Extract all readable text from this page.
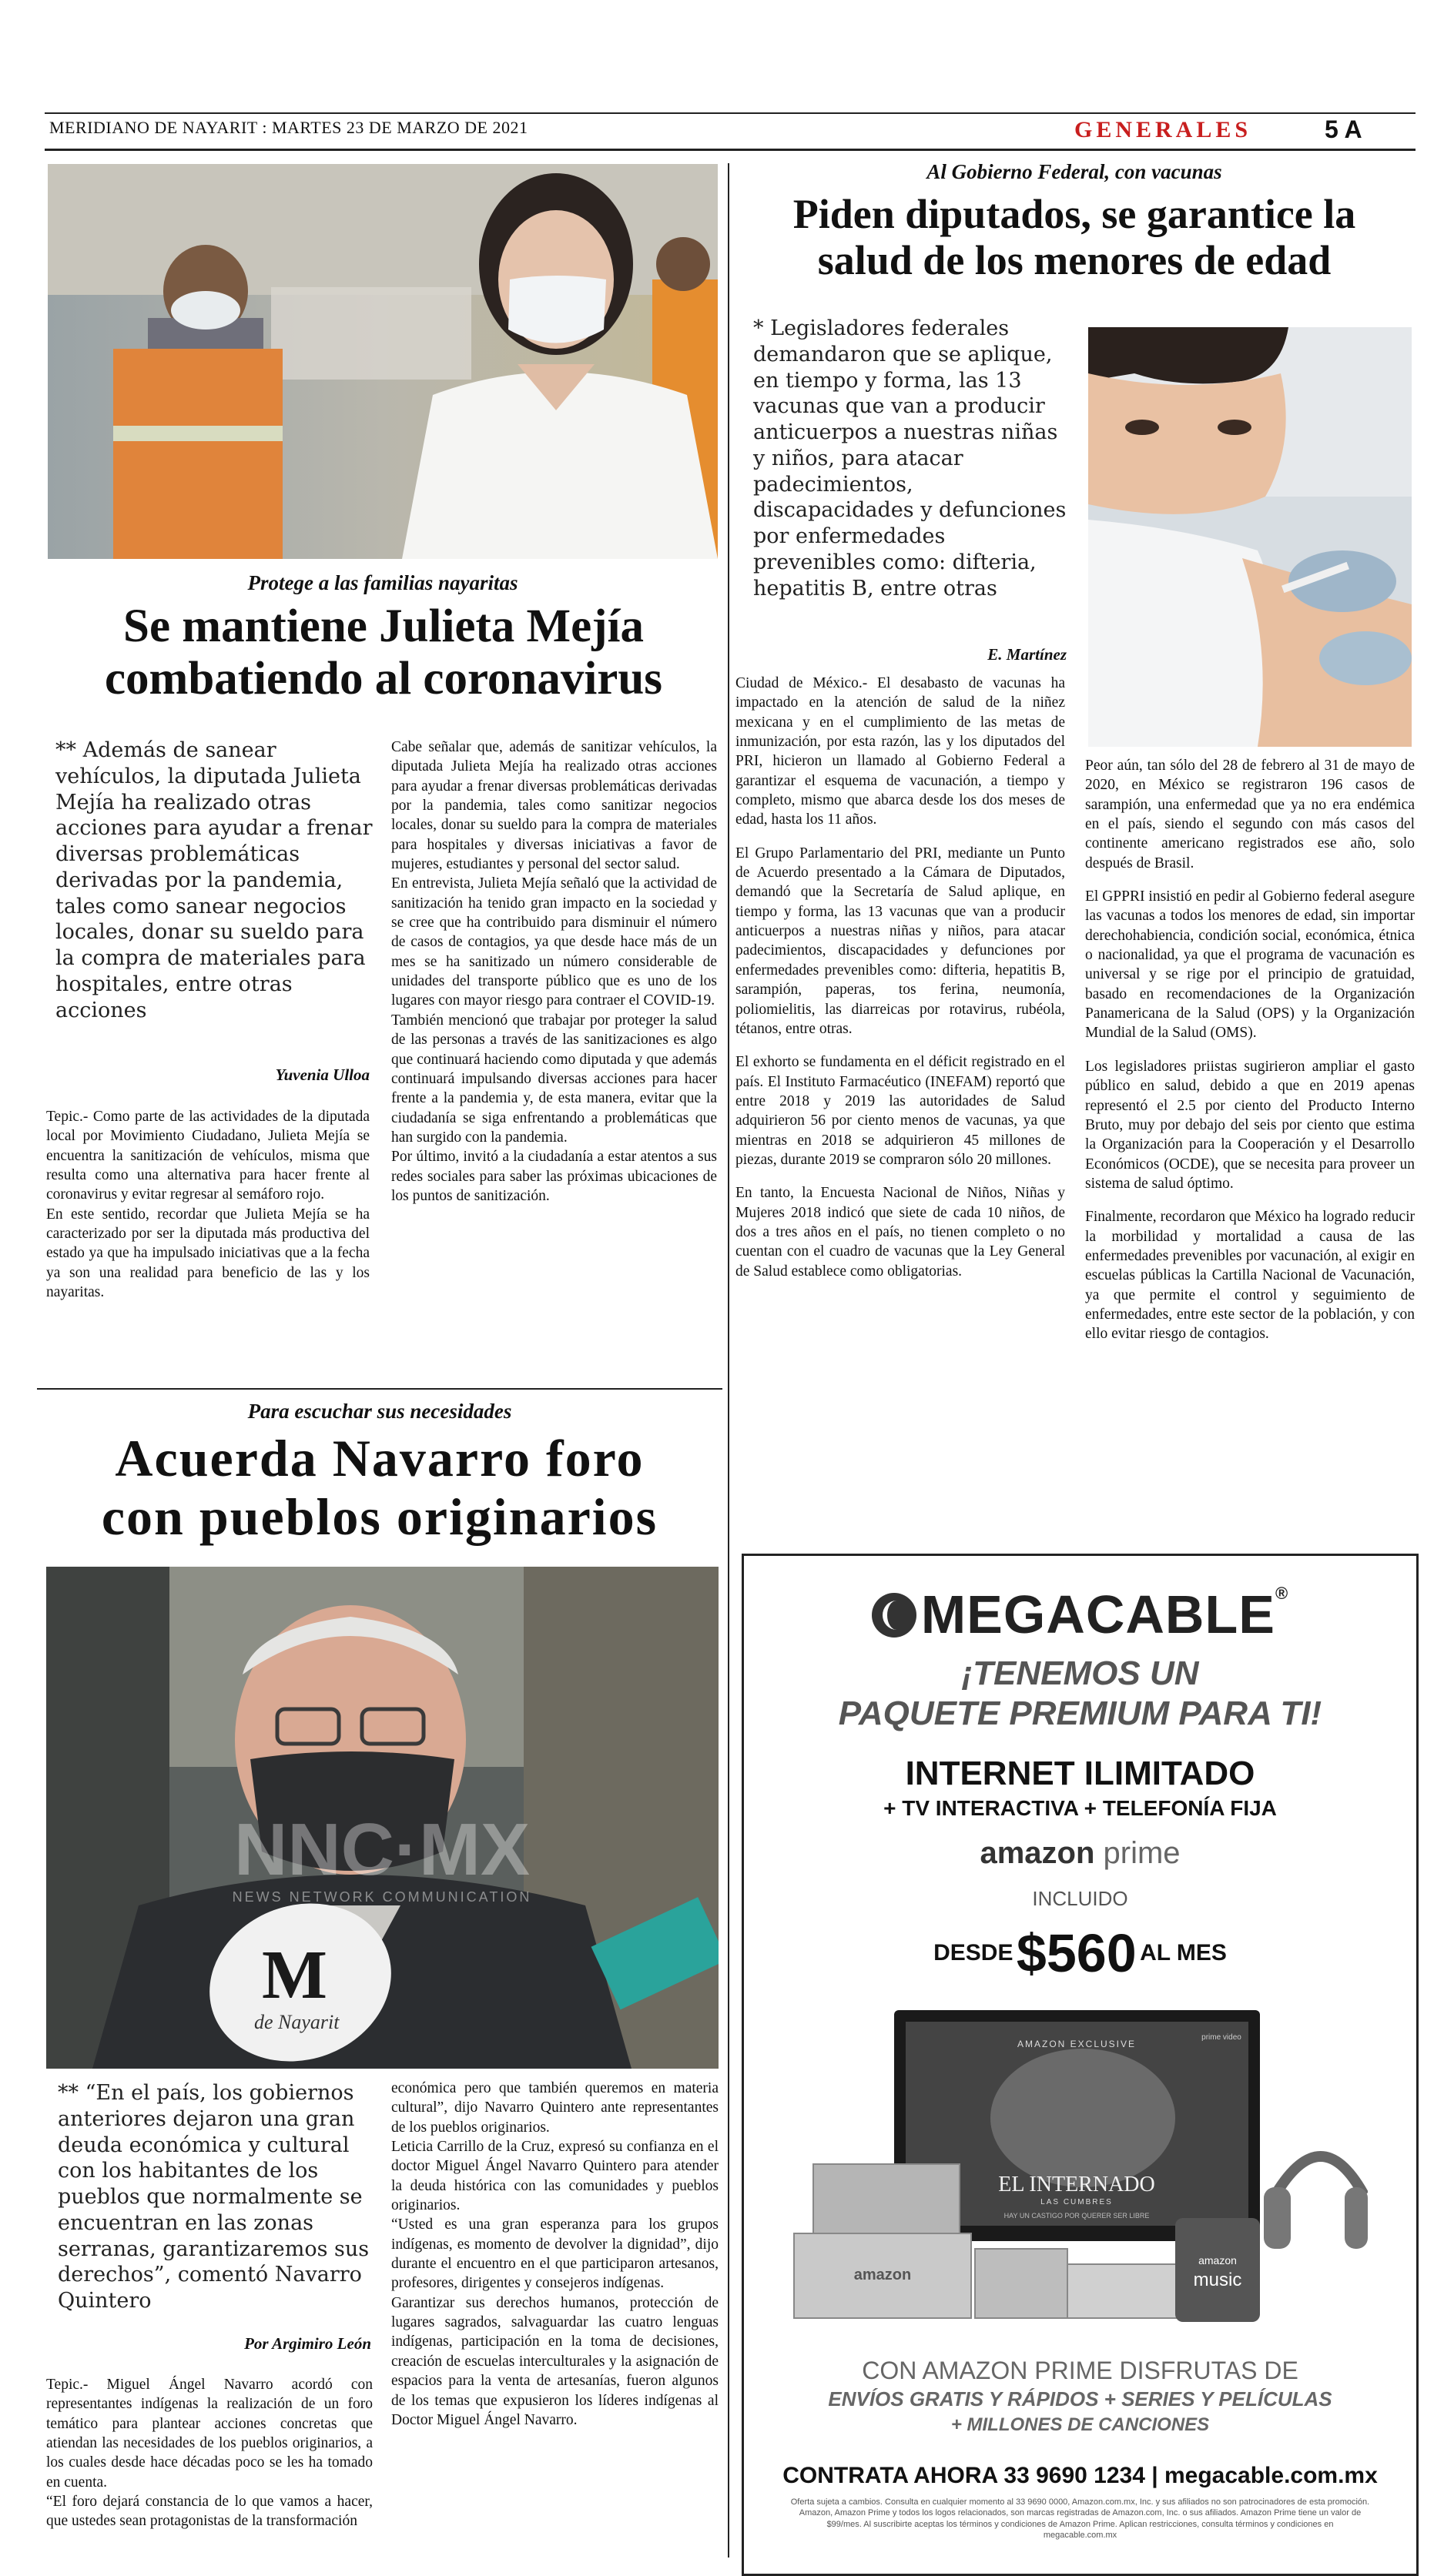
MERIDIANO DE NAYARIT : MARTES 23 DE MARZO DE 2021	GENERALES	5 A
Protege a las familias nayaritas
Se mantiene Julieta Mejía
combatiendo al coronavirus
** Además de sanear vehículos, la diputada Julieta Mejía ha realizado otras acciones para ayudar a frenar diversas problemáticas derivadas por la pandemia, tales como sanear negocios locales, donar su sueldo para la compra de materiales para hospitales, entre otras acciones
Yuvenia Ulloa

Tepic.- Como parte de las actividades de la diputada local por Movimiento Ciudadano, Julieta Mejía se encuentra la sanitización de vehículos, misma que resulta como una alternativa para hacer frente al coronavirus y evitar regresar al semáforo rojo.

En este sentido, recordar que Julieta Mejía se ha caracterizado por ser la diputada más productiva del estado ya que ha impulsado iniciativas que a la fecha ya son una realidad para beneficio de las y los nayaritas.

Cabe señalar que, además de sanitizar vehículos, la diputada Julieta Mejía ha realizado otras acciones para ayudar a frenar diversas problemáticas derivadas por la pandemia, tales como sanitizar negocios locales, donar su sueldo para la compra de materiales para hospitales y diversas iniciativas a favor de mujeres, estudiantes y personal del sector salud.

En entrevista, Julieta Mejía señaló que la actividad de sanitización ha tenido gran impacto en la sociedad y se cree que ha contribuido para disminuir el número de casos de contagios, ya que desde hace más de un mes se ha sanitizado un número considerable de unidades del transporte público que es uno de los lugares con mayor riesgo para contraer el COVID-19.

También mencionó que trabajar por proteger la salud de las personas a través de las sanitizaciones es algo que continuará haciendo como diputada y que además continuará impulsando diversas acciones para hacer frente a la pandemia y, de esta manera, evitar que la ciudadanía se siga enfrentando a problemáticas que han surgido con la pandemia.

Por último, invitó a la ciudadanía a estar atentos a sus redes sociales para saber las próximas ubicaciones de los puntos de sanitización.

Al Gobierno Federal, con vacunas
Piden diputados, se garantice la
salud de los menores de edad
* Legisladores federales demandaron que se aplique, en tiempo y forma, las 13 vacunas que van a producir anticuerpos a nuestras niñas y niños, para atacar padecimientos, discapacidades y defunciones por enfermedades prevenibles como: difteria, hepatitis B, entre otras
E. Martínez

Ciudad de México.- El desabasto de vacunas ha impactado en la atención de salud de la niñez mexicana y en el cumplimiento de las metas de inmunización, por esta razón, las y los diputados del PRI, hicieron un llamado al Gobierno Federal a garantizar el esquema de vacunación, a tiempo y completo, mismo que abarca desde los dos meses de edad, hasta los 11 años.

El Grupo Parlamentario del PRI, mediante un Punto de Acuerdo presentado a la Cámara de Diputados, demandó que la Secretaría de Salud aplique, en tiempo y forma, las 13 vacunas que van a producir anticuerpos a nuestras niñas y niños, para atacar padecimientos, discapacidades y defunciones por enfermedades prevenibles como: difteria, hepatitis B, sarampión, paperas, tos ferina, neumonía, poliomielitis, las diarreicas por rotavirus, rubéola, tétanos, entre otras.

El exhorto se fundamenta en el déficit registrado en el país. El Instituto Farmacéutico (INEFAM) reportó que entre 2018 y 2019 las autoridades de Salud adquirieron 56 por ciento menos de vacunas, ya que mientras en 2018 se adquirieron 45 millones de piezas, durante 2019 se compraron sólo 20 millones.

En tanto, la Encuesta Nacional de Niños, Niñas y Mujeres 2018 indicó que siete de cada 10 niños, de dos a tres años en el país, no tienen completo o no cuentan con el cuadro de vacunas que la Ley General de Salud establece como obligatorias.

Peor aún, tan sólo del 28 de febrero al 31 de mayo de 2020, en México se registraron 196 casos de sarampión, una enfermedad que ya no era endémica en el país, siendo el segundo con más casos del continente americano registrados ese año, solo después de Brasil.

El GPPRI insistió en pedir al Gobierno federal asegure las vacunas a todos los menores de edad, sin importar derechohabiencia, condición social, económica, étnica o nacionalidad, ya que el programa de vacunación es universal y se rige por el principio de gratuidad, basado en recomendaciones de la Organización Panamericana de la Salud (OPS) y la Organización Mundial de la Salud (OMS).

Los legisladores priistas sugirieron ampliar el gasto público en salud, debido a que en 2019 apenas representó el 2.5 por ciento del Producto Interno Bruto, muy por debajo del seis por ciento que estima la Organización para la Cooperación y el Desarrollo Económicos (OCDE), que se necesita para proveer un sistema de salud óptimo.

Finalmente, recordaron que México ha logrado reducir la morbilidad y mortalidad a causa de las enfermedades prevenibles por vacunación, al exigir en escuelas públicas la Cartilla Nacional de Vacunación, ya que permite el control y seguimiento de enfermedades, entre este sector de la población, y con ello evitar riesgo de contagios.

Para escuchar sus necesidades
Acuerda Navarro foro
con pueblos originarios
M
de Nayarit
NNC·MX
NEWS NETWORK COMMUNICATION
** “En el país, los gobiernos anteriores dejaron una gran deuda económica y cultural con los habitantes de los pueblos que normalmente se encuentran en las zonas serranas, garantizaremos sus derechos”, comentó Navarro Quintero
Por Argimiro León

Tepic.- Miguel Ángel Navarro acordó con representantes indígenas la realización de un foro temático para plantear acciones concretas que atiendan las necesidades de los pueblos originarios, a los cuales desde hace décadas poco se les ha tomado en cuenta.

“El foro dejará constancia de lo que vamos a hacer, que ustedes sean protagonistas de la transformación

económica pero que también queremos en materia cultural”, dijo Navarro Quintero ante representantes de los pueblos originarios.

Leticia Carrillo de la Cruz, expresó su confianza en el doctor Miguel Ángel Navarro Quintero para atender la deuda histórica con las comunidades y pueblos originarios.

“Usted es una gran esperanza para los grupos indígenas, es momento de devolver la dignidad”, dijo durante el encuentro en el que participaron artesanos, profesores, dirigentes y consejeros indígenas.

Garantizar sus derechos humanos, protección de lugares sagrados, salvaguardar las cuatro lenguas indígenas, participación en la toma de decisiones, creación de escuelas interculturales y la asignación de espacios para la venta de artesanías, fueron algunos de los temas que expusieron los líderes indígenas al Doctor Miguel Ángel Navarro.

MEGACABLE®
¡TENEMOS UN
PAQUETE PREMIUM PARA TI!
INTERNET ILIMITADO
+ TV INTERACTIVA + TELEFONÍA FIJA
amazon prime
INCLUIDO
DESDE $560 AL MES
AMAZON EXCLUSIVE
prime video
EL INTERNADO
LAS CUMBRES
HAY UN CASTIGO POR QUERER SER LIBRE
amazon
amazon
music
CON AMAZON PRIME DISFRUTAS DE
ENVÍOS GRATIS Y RÁPIDOS + SERIES Y PELÍCULAS
+ MILLONES DE CANCIONES
CONTRATA AHORA 33 9690 1234 | megacable.com.mx
Oferta sujeta a cambios. Consulta en cualquier momento al 33 9690 0000, Amazon.com.mx, Inc. y sus afiliados no son patrocinadores de esta promoción. Amazon, Amazon Prime y todos los logos relacionados, son marcas registradas de Amazon.com, Inc. o sus afiliados. Amazon Prime tiene un valor de $99/mes. Al suscribirte aceptas los términos y condiciones de Amazon Prime. Aplican restricciones, consulta términos y condiciones en megacable.com.mx
